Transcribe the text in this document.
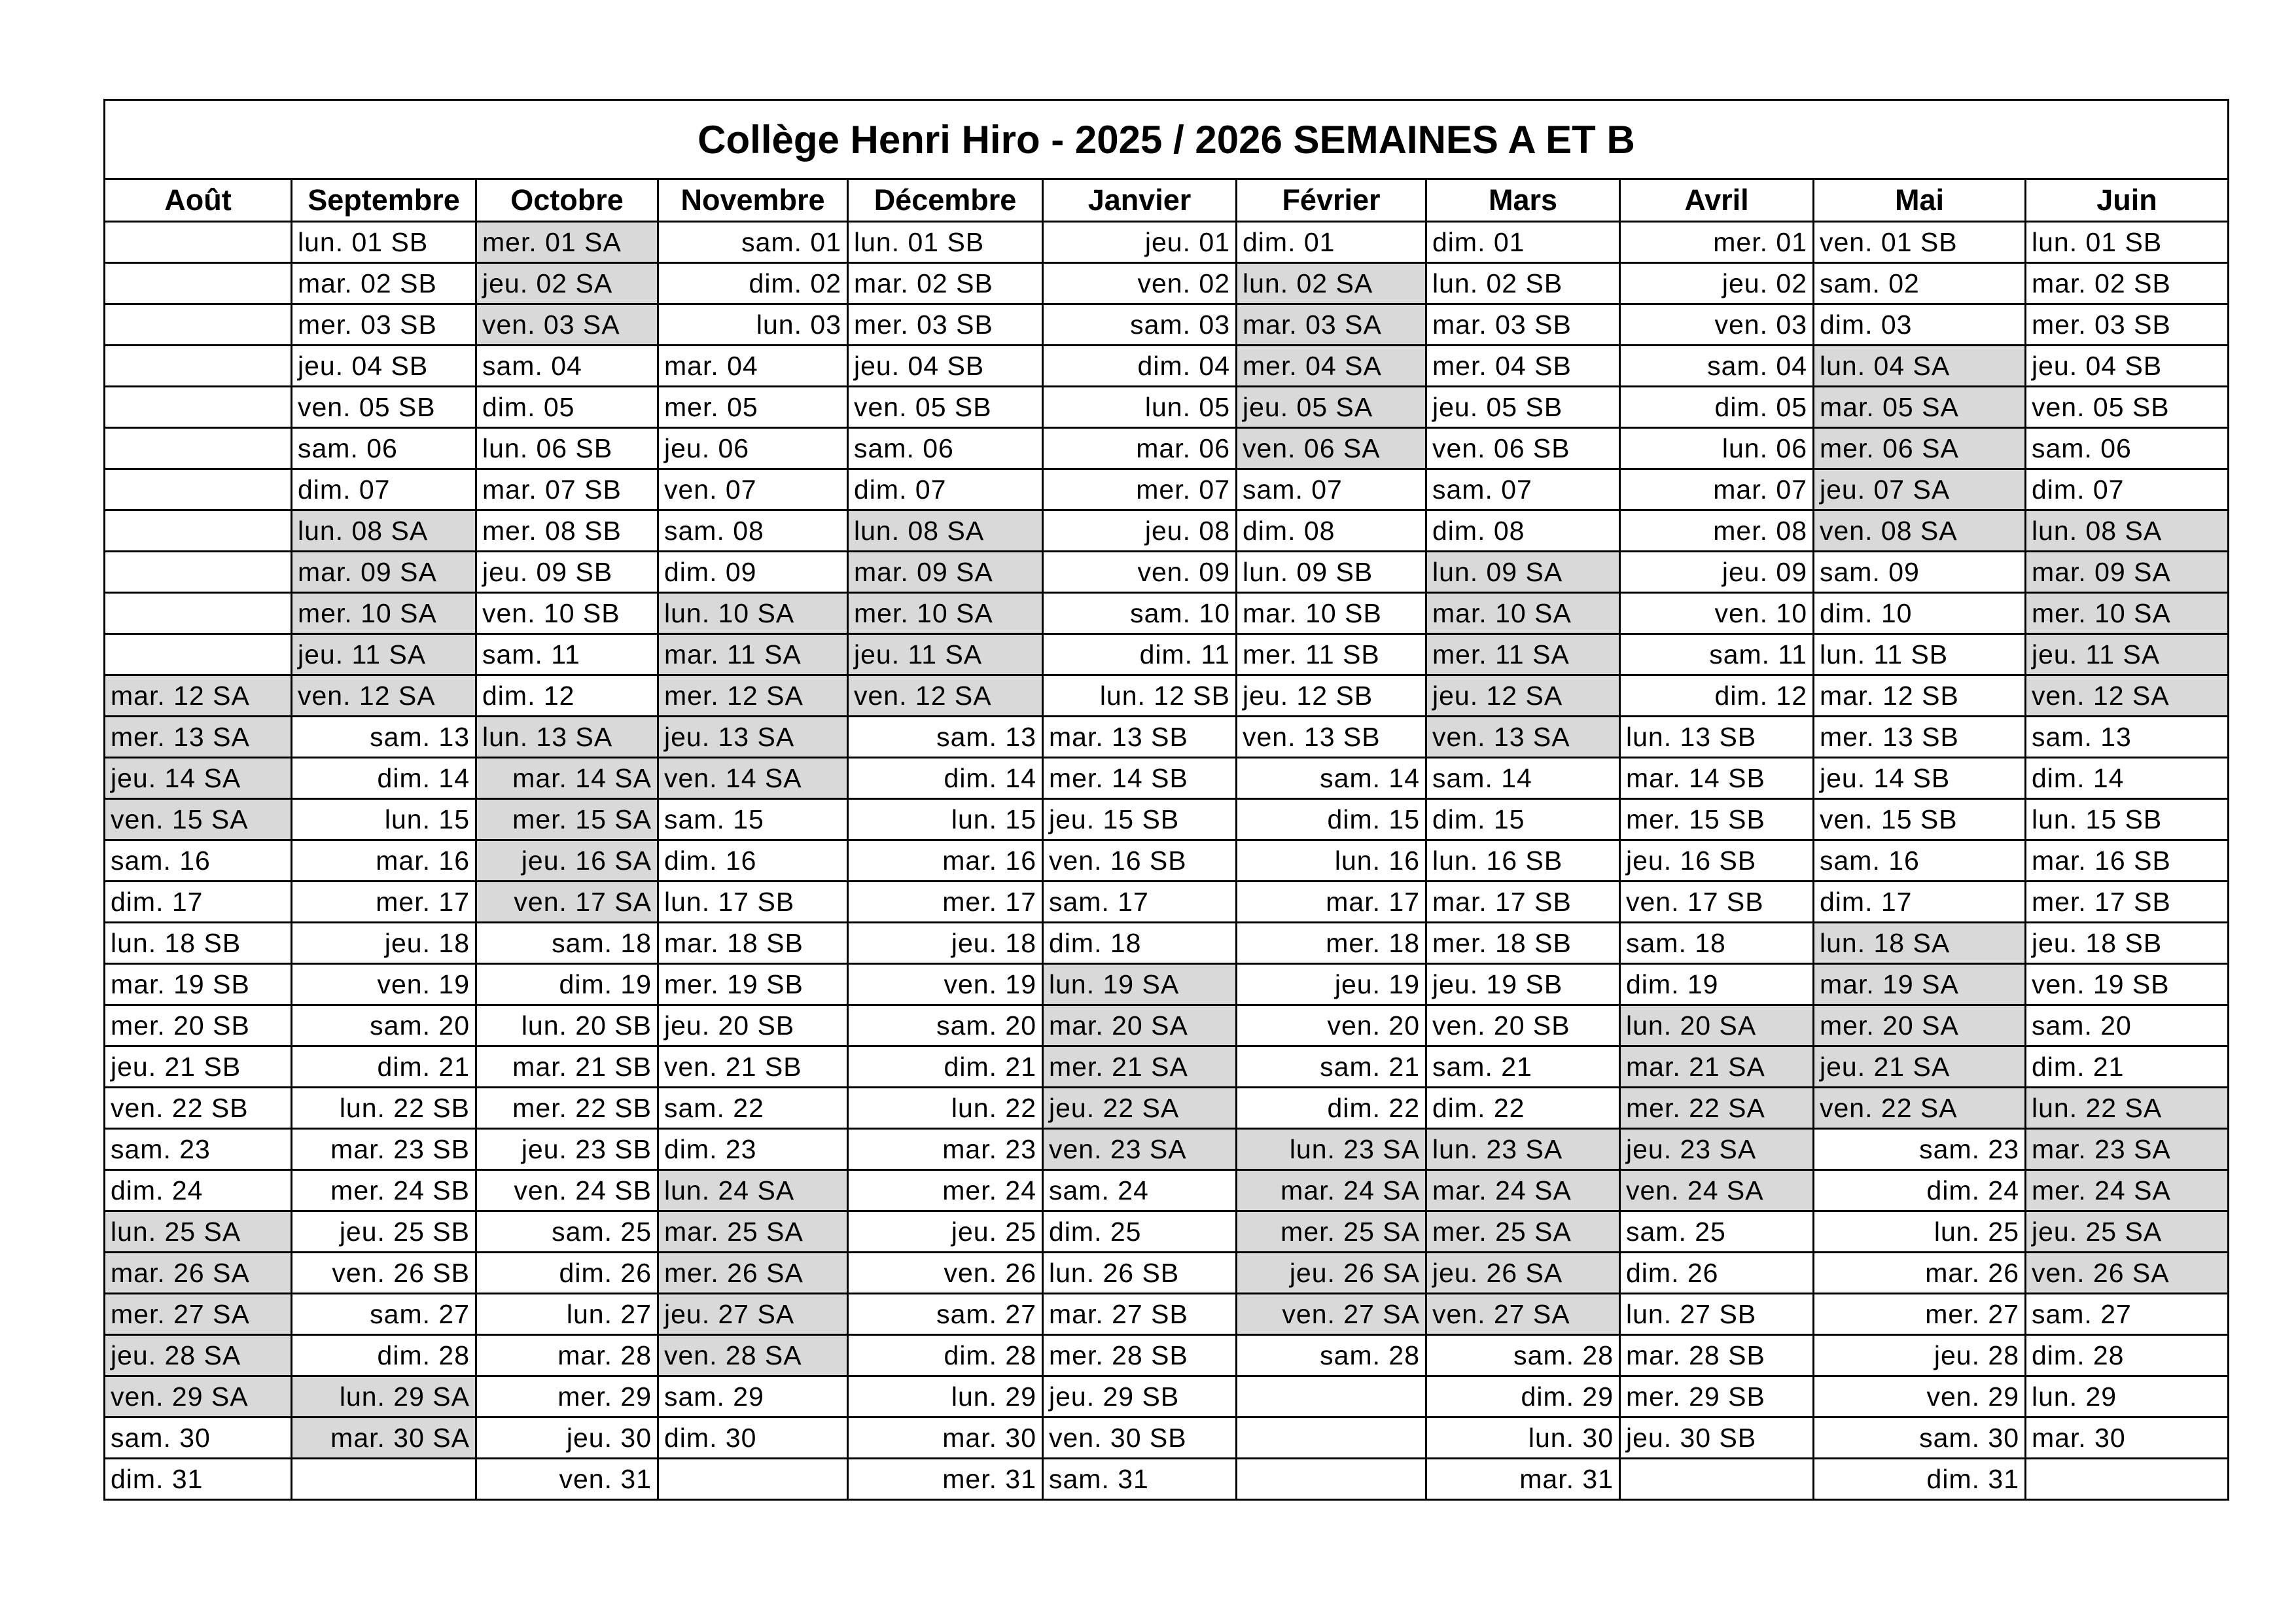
Collège Henri Hiro - 2025 / 2026 SEMAINES A ET B										
Août	Septembre	Octobre	Novembre	Décembre	Janvier	Février	Mars	Avril	Mai	Juin
	lun. 01 SB	mer. 01 SA	sam. 01	lun. 01 SB	jeu. 01	dim. 01	dim. 01	mer. 01	ven. 01 SB	lun. 01 SB
	mar. 02 SB	jeu. 02 SA	dim. 02	mar. 02 SB	ven. 02	lun. 02 SA	lun. 02 SB	jeu. 02	sam. 02	mar. 02 SB
	mer. 03 SB	ven. 03 SA	lun. 03	mer. 03 SB	sam. 03	mar. 03 SA	mar. 03 SB	ven. 03	dim. 03	mer. 03 SB
	jeu. 04 SB	sam. 04	mar. 04	jeu. 04 SB	dim. 04	mer. 04 SA	mer. 04 SB	sam. 04	lun. 04 SA	jeu. 04 SB
	ven. 05 SB	dim. 05	mer. 05	ven. 05 SB	lun. 05	jeu. 05 SA	jeu. 05 SB	dim. 05	mar. 05 SA	ven. 05 SB
	sam. 06	lun. 06 SB	jeu. 06	sam. 06	mar. 06	ven. 06 SA	ven. 06 SB	lun. 06	mer. 06 SA	sam. 06
	dim. 07	mar. 07 SB	ven. 07	dim. 07	mer. 07	sam. 07	sam. 07	mar. 07	jeu. 07 SA	dim. 07
	lun. 08 SA	mer. 08 SB	sam. 08	lun. 08 SA	jeu. 08	dim. 08	dim. 08	mer. 08	ven. 08 SA	lun. 08 SA
	mar. 09 SA	jeu. 09 SB	dim. 09	mar. 09 SA	ven. 09	lun. 09 SB	lun. 09 SA	jeu. 09	sam. 09	mar. 09 SA
	mer. 10 SA	ven. 10 SB	lun. 10 SA	mer. 10 SA	sam. 10	mar. 10 SB	mar. 10 SA	ven. 10	dim. 10	mer. 10 SA
	jeu. 11 SA	sam. 11	mar. 11 SA	jeu. 11 SA	dim. 11	mer. 11 SB	mer. 11 SA	sam. 11	lun. 11 SB	jeu. 11 SA
mar. 12 SA	ven. 12 SA	dim. 12	mer. 12 SA	ven. 12 SA	lun. 12 SB	jeu. 12 SB	jeu. 12 SA	dim. 12	mar. 12 SB	ven. 12 SA
mer. 13 SA	sam. 13	lun. 13 SA	jeu. 13 SA	sam. 13	mar. 13 SB	ven. 13 SB	ven. 13 SA	lun. 13 SB	mer. 13 SB	sam. 13
jeu. 14 SA	dim. 14	mar. 14 SA	ven. 14 SA	dim. 14	mer. 14 SB	sam. 14	sam. 14	mar. 14 SB	jeu. 14 SB	dim. 14
ven. 15 SA	lun. 15	mer. 15 SA	sam. 15	lun. 15	jeu. 15 SB	dim. 15	dim. 15	mer. 15 SB	ven. 15 SB	lun. 15 SB
sam. 16	mar. 16	jeu. 16 SA	dim. 16	mar. 16	ven. 16 SB	lun. 16	lun. 16 SB	jeu. 16 SB	sam. 16	mar. 16 SB
dim. 17	mer. 17	ven. 17 SA	lun. 17 SB	mer. 17	sam. 17	mar. 17	mar. 17 SB	ven. 17 SB	dim. 17	mer. 17 SB
lun. 18 SB	jeu. 18	sam. 18	mar. 18 SB	jeu. 18	dim. 18	mer. 18	mer. 18 SB	sam. 18	lun. 18 SA	jeu. 18 SB
mar. 19 SB	ven. 19	dim. 19	mer. 19 SB	ven. 19	lun. 19 SA	jeu. 19	jeu. 19 SB	dim. 19	mar. 19 SA	ven. 19 SB
mer. 20 SB	sam. 20	lun. 20 SB	jeu. 20 SB	sam. 20	mar. 20 SA	ven. 20	ven. 20 SB	lun. 20 SA	mer. 20 SA	sam. 20
jeu. 21 SB	dim. 21	mar. 21 SB	ven. 21 SB	dim. 21	mer. 21 SA	sam. 21	sam. 21	mar. 21 SA	jeu. 21 SA	dim. 21
ven. 22 SB	lun. 22 SB	mer. 22 SB	sam. 22	lun. 22	jeu. 22 SA	dim. 22	dim. 22	mer. 22 SA	ven. 22 SA	lun. 22 SA
sam. 23	mar. 23 SB	jeu. 23 SB	dim. 23	mar. 23	ven. 23 SA	lun. 23 SA	lun. 23 SA	jeu. 23 SA	sam. 23	mar. 23 SA
dim. 24	mer. 24 SB	ven. 24 SB	lun. 24 SA	mer. 24	sam. 24	mar. 24 SA	mar. 24 SA	ven. 24 SA	dim. 24	mer. 24 SA
lun. 25 SA	jeu. 25 SB	sam. 25	mar. 25 SA	jeu. 25	dim. 25	mer. 25 SA	mer. 25 SA	sam. 25	lun. 25	jeu. 25 SA
mar. 26 SA	ven. 26 SB	dim. 26	mer. 26 SA	ven. 26	lun. 26 SB	jeu. 26 SA	jeu. 26 SA	dim. 26	mar. 26	ven. 26 SA
mer. 27 SA	sam. 27	lun. 27	jeu. 27 SA	sam. 27	mar. 27 SB	ven. 27 SA	ven. 27 SA	lun. 27 SB	mer. 27	sam. 27
jeu. 28 SA	dim. 28	mar. 28	ven. 28 SA	dim. 28	mer. 28 SB	sam. 28	sam. 28	mar. 28 SB	jeu. 28	dim. 28
ven. 29 SA	lun. 29 SA	mer. 29	sam. 29	lun. 29	jeu. 29 SB		dim. 29	mer. 29 SB	ven. 29	lun. 29
sam. 30	mar. 30 SA	jeu. 30	dim. 30	mar. 30	ven. 30 SB		lun. 30	jeu. 30 SB	sam. 30	mar. 30
dim. 31		ven. 31		mer. 31	sam. 31		mar. 31		dim. 31	
